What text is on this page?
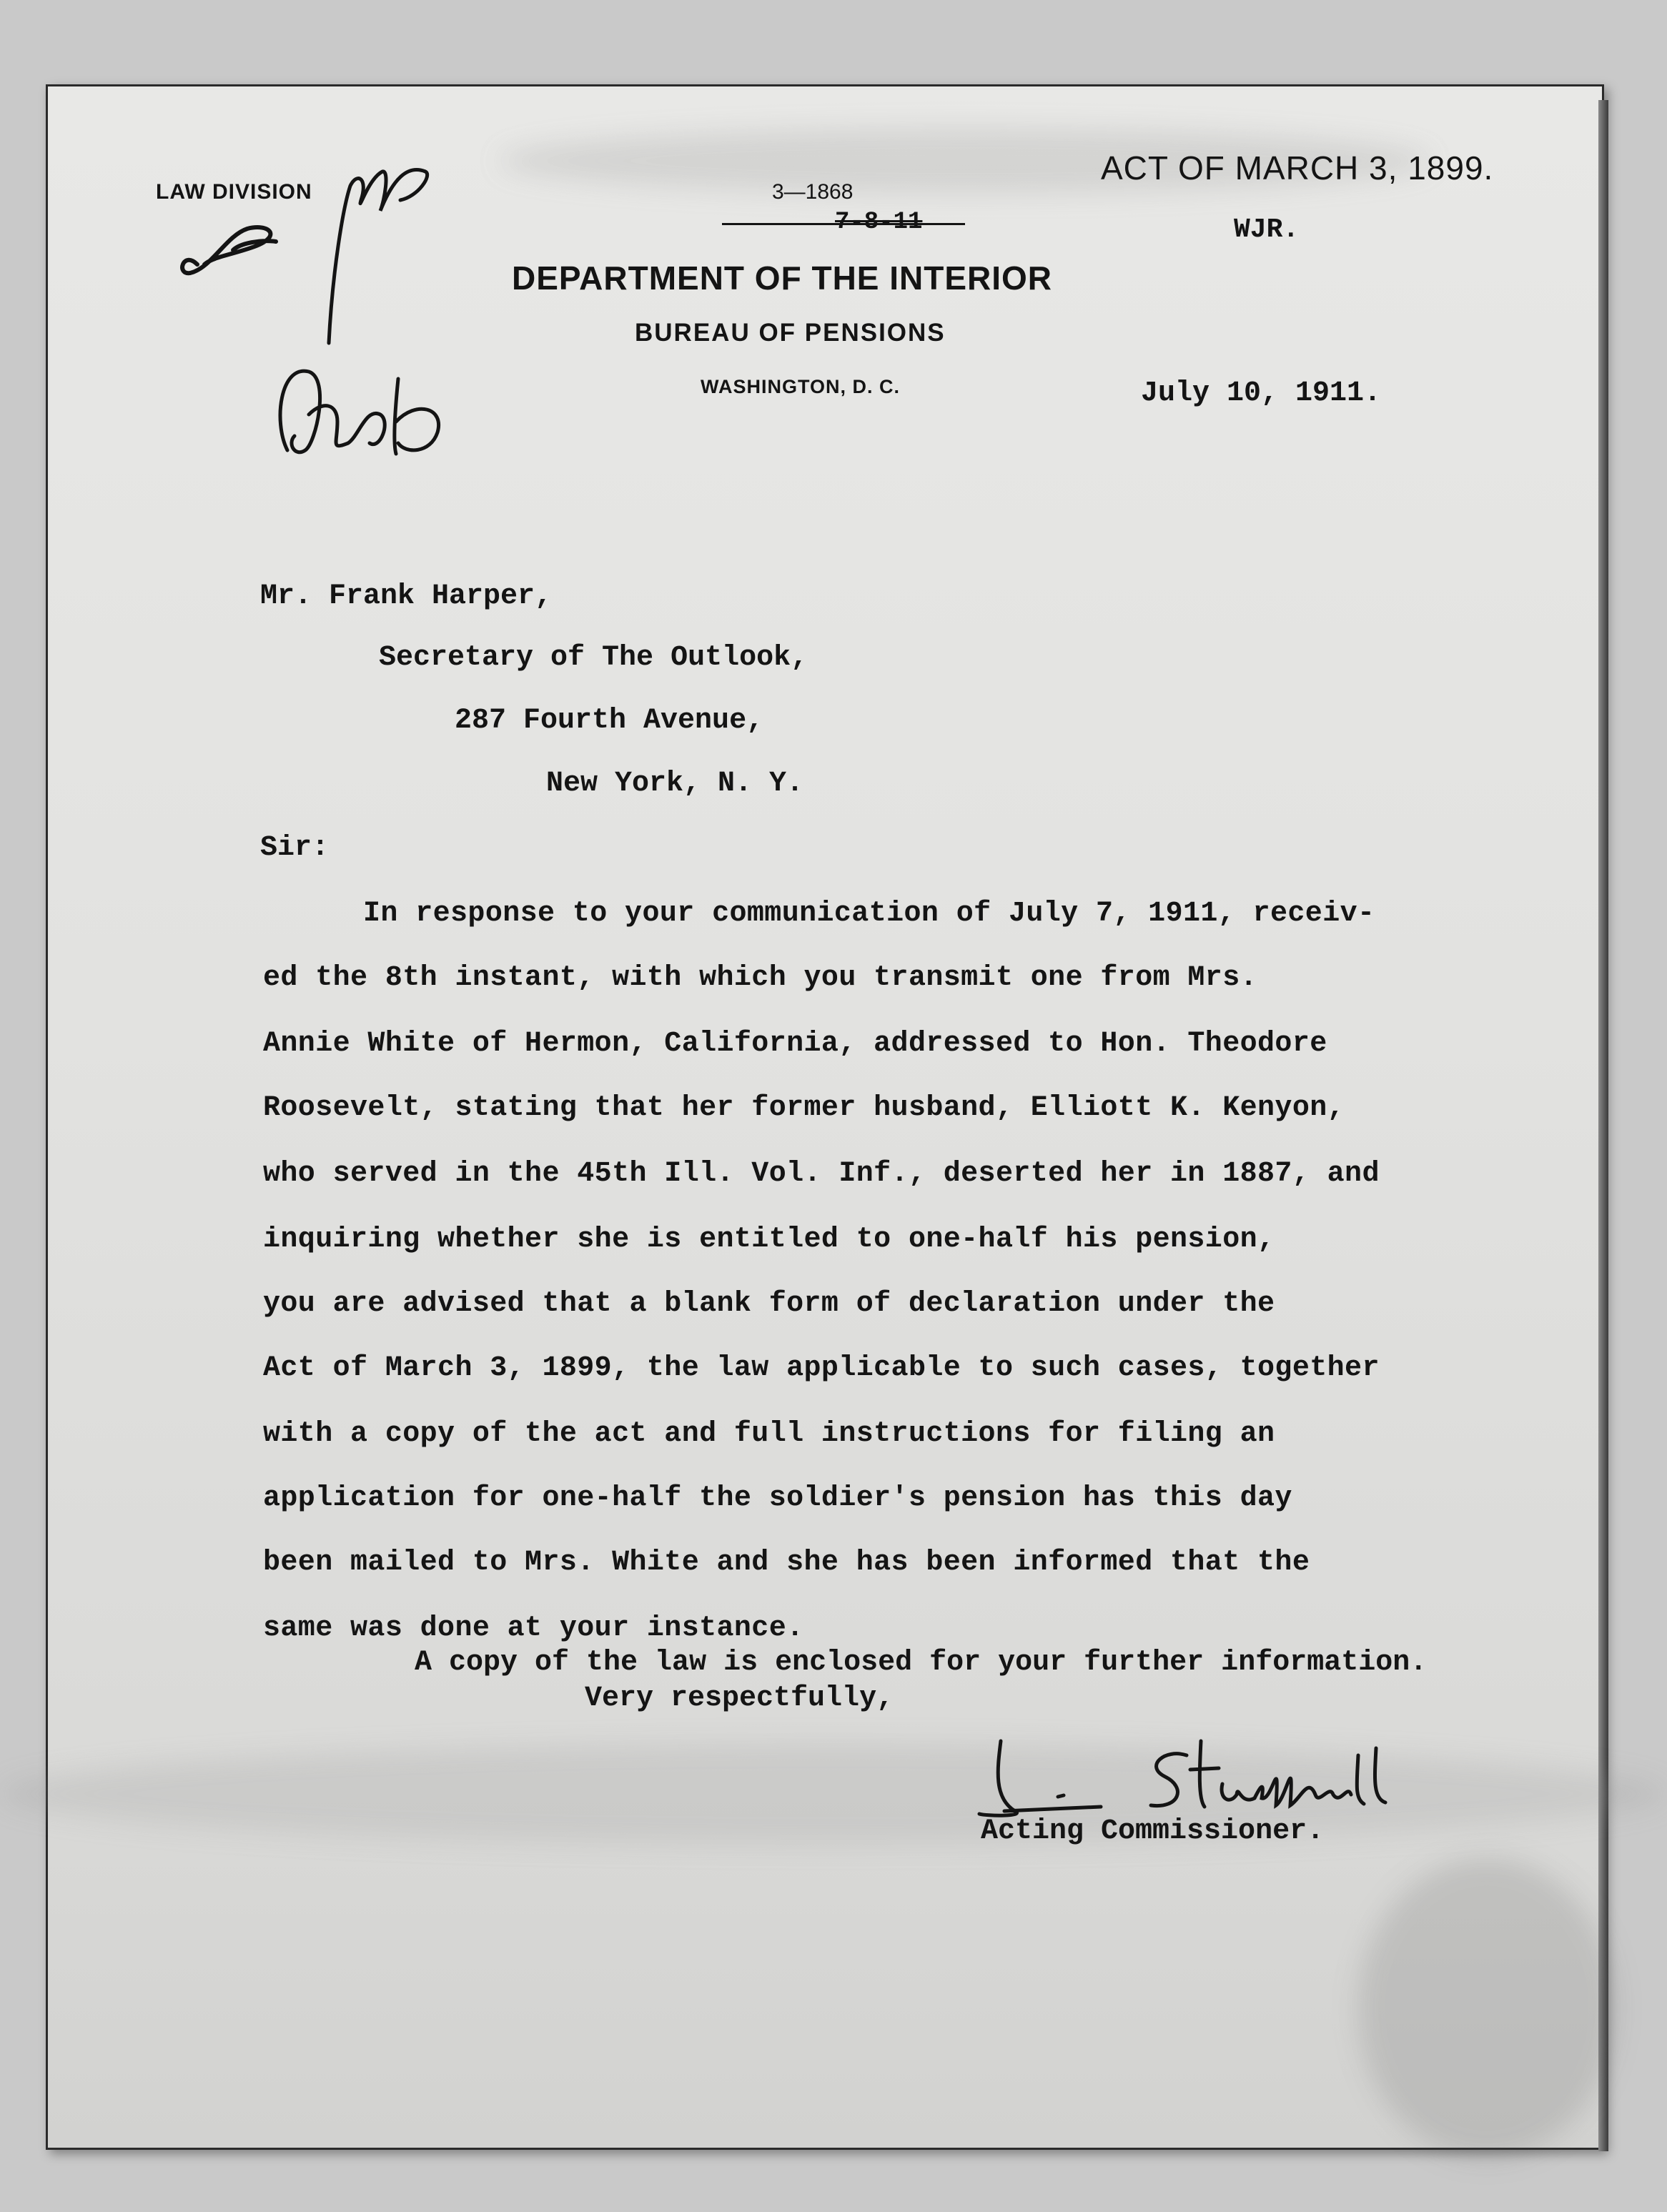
LAW DIVISION
ACT OF MARCH 3, 1899.
3—1868
7-8-11	WJR.
DEPARTMENT OF THE INTERIOR
BUREAU OF PENSIONS
WASHINGTON, D. C.	July 10, 1911.
Mr. Frank Harper,
Secretary of The Outlook,
287 Fourth Avenue,
New York, N. Y.
Sir:
In response to your communication of July 7, 1911, receiv-
ed the 8th instant, with which you transmit one from Mrs.
Annie White of Hermon, California, addressed to Hon. Theodore
Roosevelt, stating that her former husband, Elliott K. Kenyon,
who served in the 45th Ill. Vol. Inf., deserted her in 1887, and
inquiring whether she is entitled to one-half his pension,
you are advised that a blank form of declaration under the
Act of March 3, 1899, the law applicable to such cases, together
with a copy of the act and full instructions for filing an
application for one-half the soldier's pension has this day
been mailed to Mrs. White and she has been informed that the
same was done at your instance.
A copy of the law is enclosed for your further information.
Very respectfully,
Acting Commissioner.
